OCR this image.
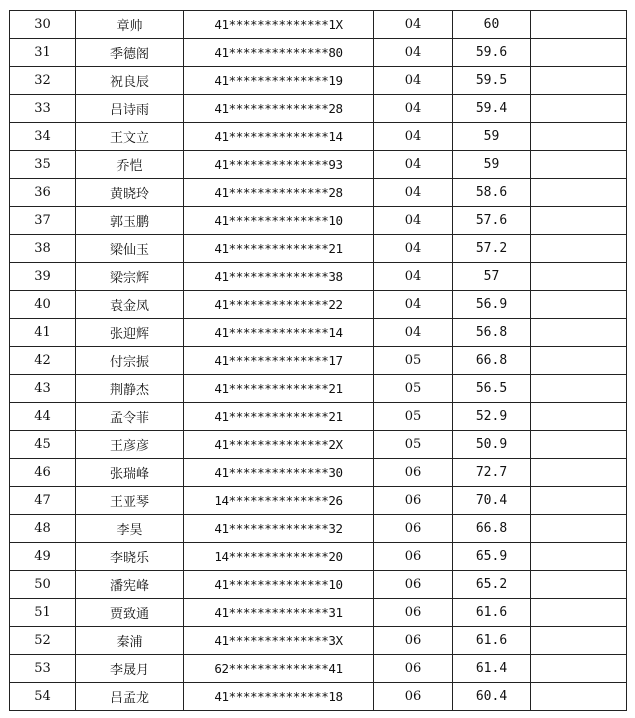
30	章帅	41**************1X	04	60	
31	季德阁	41**************80	04	59.6	
32	祝良辰	41**************19	04	59.5	
33	吕诗雨	41**************28	04	59.4	
34	王文立	41**************14	04	59	
35	乔恺	41**************93	04	59	
36	黄晓玲	41**************28	04	58.6	
37	郭玉鹏	41**************10	04	57.6	
38	梁仙玉	41**************21	04	57.2	
39	梁宗辉	41**************38	04	57	
40	袁金凤	41**************22	04	56.9	
41	张迎辉	41**************14	04	56.8	
42	付宗振	41**************17	05	66.8	
43	荆静杰	41**************21	05	56.5	
44	孟令菲	41**************21	05	52.9	
45	王彦彦	41**************2X	05	50.9	
46	张瑞峰	41**************30	06	72.7	
47	王亚琴	14**************26	06	70.4	
48	李昊	41**************32	06	66.8	
49	李晓乐	14**************20	06	65.9	
50	潘宪峰	41**************10	06	65.2	
51	贾致通	41**************31	06	61.6	
52	秦浦	41**************3X	06	61.6	
53	李晟月	62**************41	06	61.4	
54	吕孟龙	41**************18	06	60.4	
